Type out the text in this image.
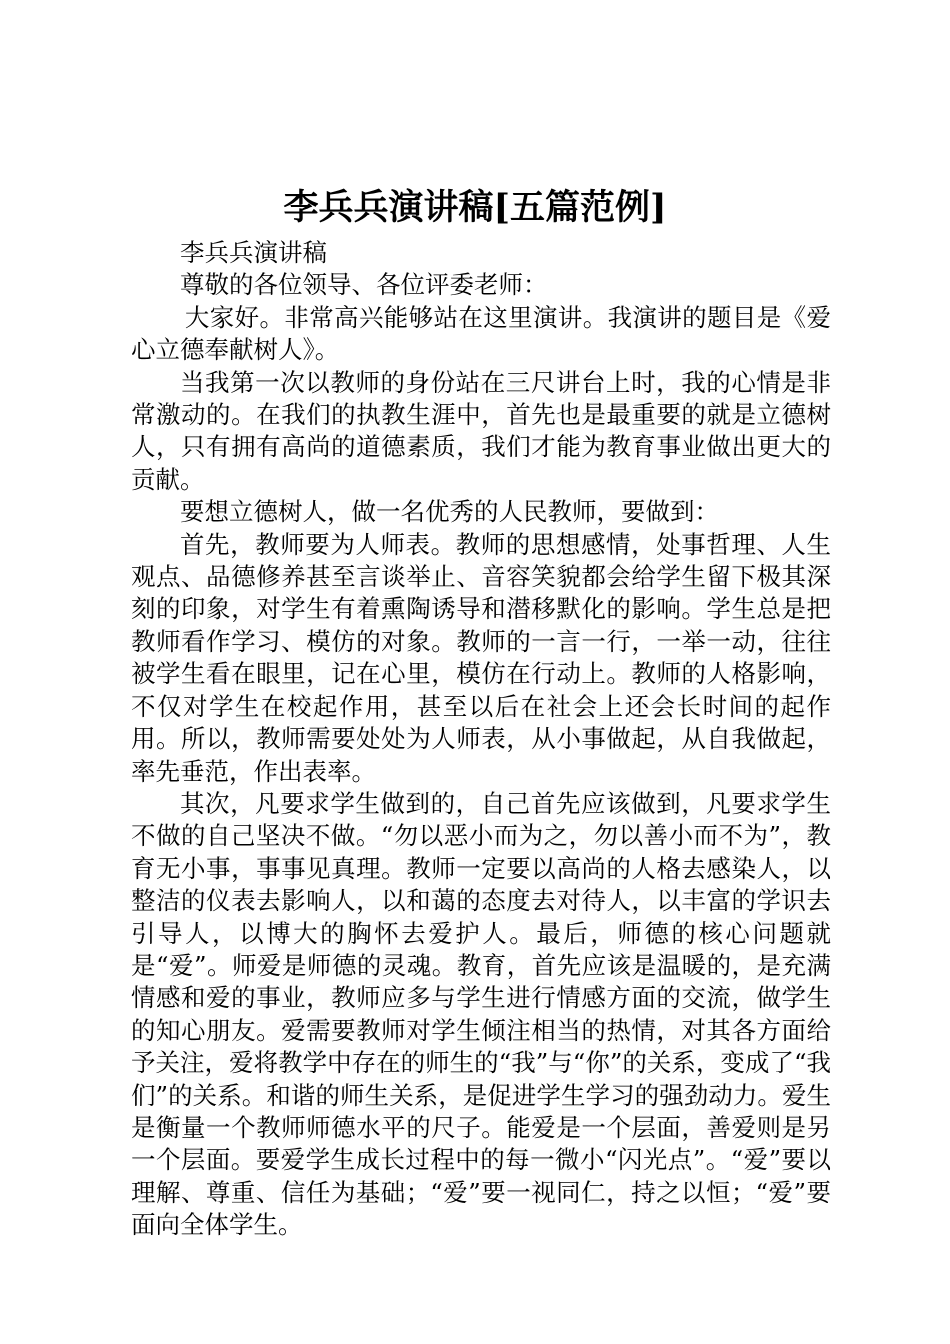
李兵兵演讲稿[五篇范例]

李兵兵演讲稿

尊敬的各位领导、各位评委老师：

大家好。非常高兴能够站在这里演讲。我演讲的题目是《爱心立德奉献树人》。

当我第一次以教师的身份站在三尺讲台上时，我的心情是非常激动的。在我们的执教生涯中，首先也是最重要的就是立德树人，只有拥有高尚的道德素质，我们才能为教育事业做出更大的贡献。

要想立德树人，做一名优秀的人民教师，要做到：

首先，教师要为人师表。教师的思想感情，处事哲理、人生观点、品德修养甚至言谈举止、音容笑貌都会给学生留下极其深刻的印象，对学生有着熏陶诱导和潜移默化的影响。学生总是把教师看作学习、模仿的对象。教师的一言一行，一举一动，往往被学生看在眼里，记在心里，模仿在行动上。教师的人格影响，不仅对学生在校起作用，甚至以后在社会上还会长时间的起作用。所以，教师需要处处为人师表，从小事做起，从自我做起，率先垂范，作出表率。

其次，凡要求学生做到的，自己首先应该做到，凡要求学生不做的自己坚决不做。“勿以恶小而为之，勿以善小而不为”，教育无小事，事事见真理。教师一定要以高尚的人格去感染人，以整洁的仪表去影响人，以和蔼的态度去对待人，以丰富的学识去引导人，以博大的胸怀去爱护人。最后，师德的核心问题就是“爱”。师爱是师德的灵魂。教育，首先应该是温暖的，是充满情感和爱的事业，教师应多与学生进行情感方面的交流，做学生的知心朋友。爱需要教师对学生倾注相当的热情，对其各方面给予关注，爱将教学中存在的师生的“我”与“你”的关系，变成了“我们”的关系。和谐的师生关系，是促进学生学习的强劲动力。爱生是衡量一个教师师德水平的尺子。能爱是一个层面，善爱则是另一个层面。要爱学生成长过程中的每一微小“闪光点”。“爱”要以理解、尊重、信任为基础；“爱”要一视同仁，持之以恒；“爱”要面向全体学生。
